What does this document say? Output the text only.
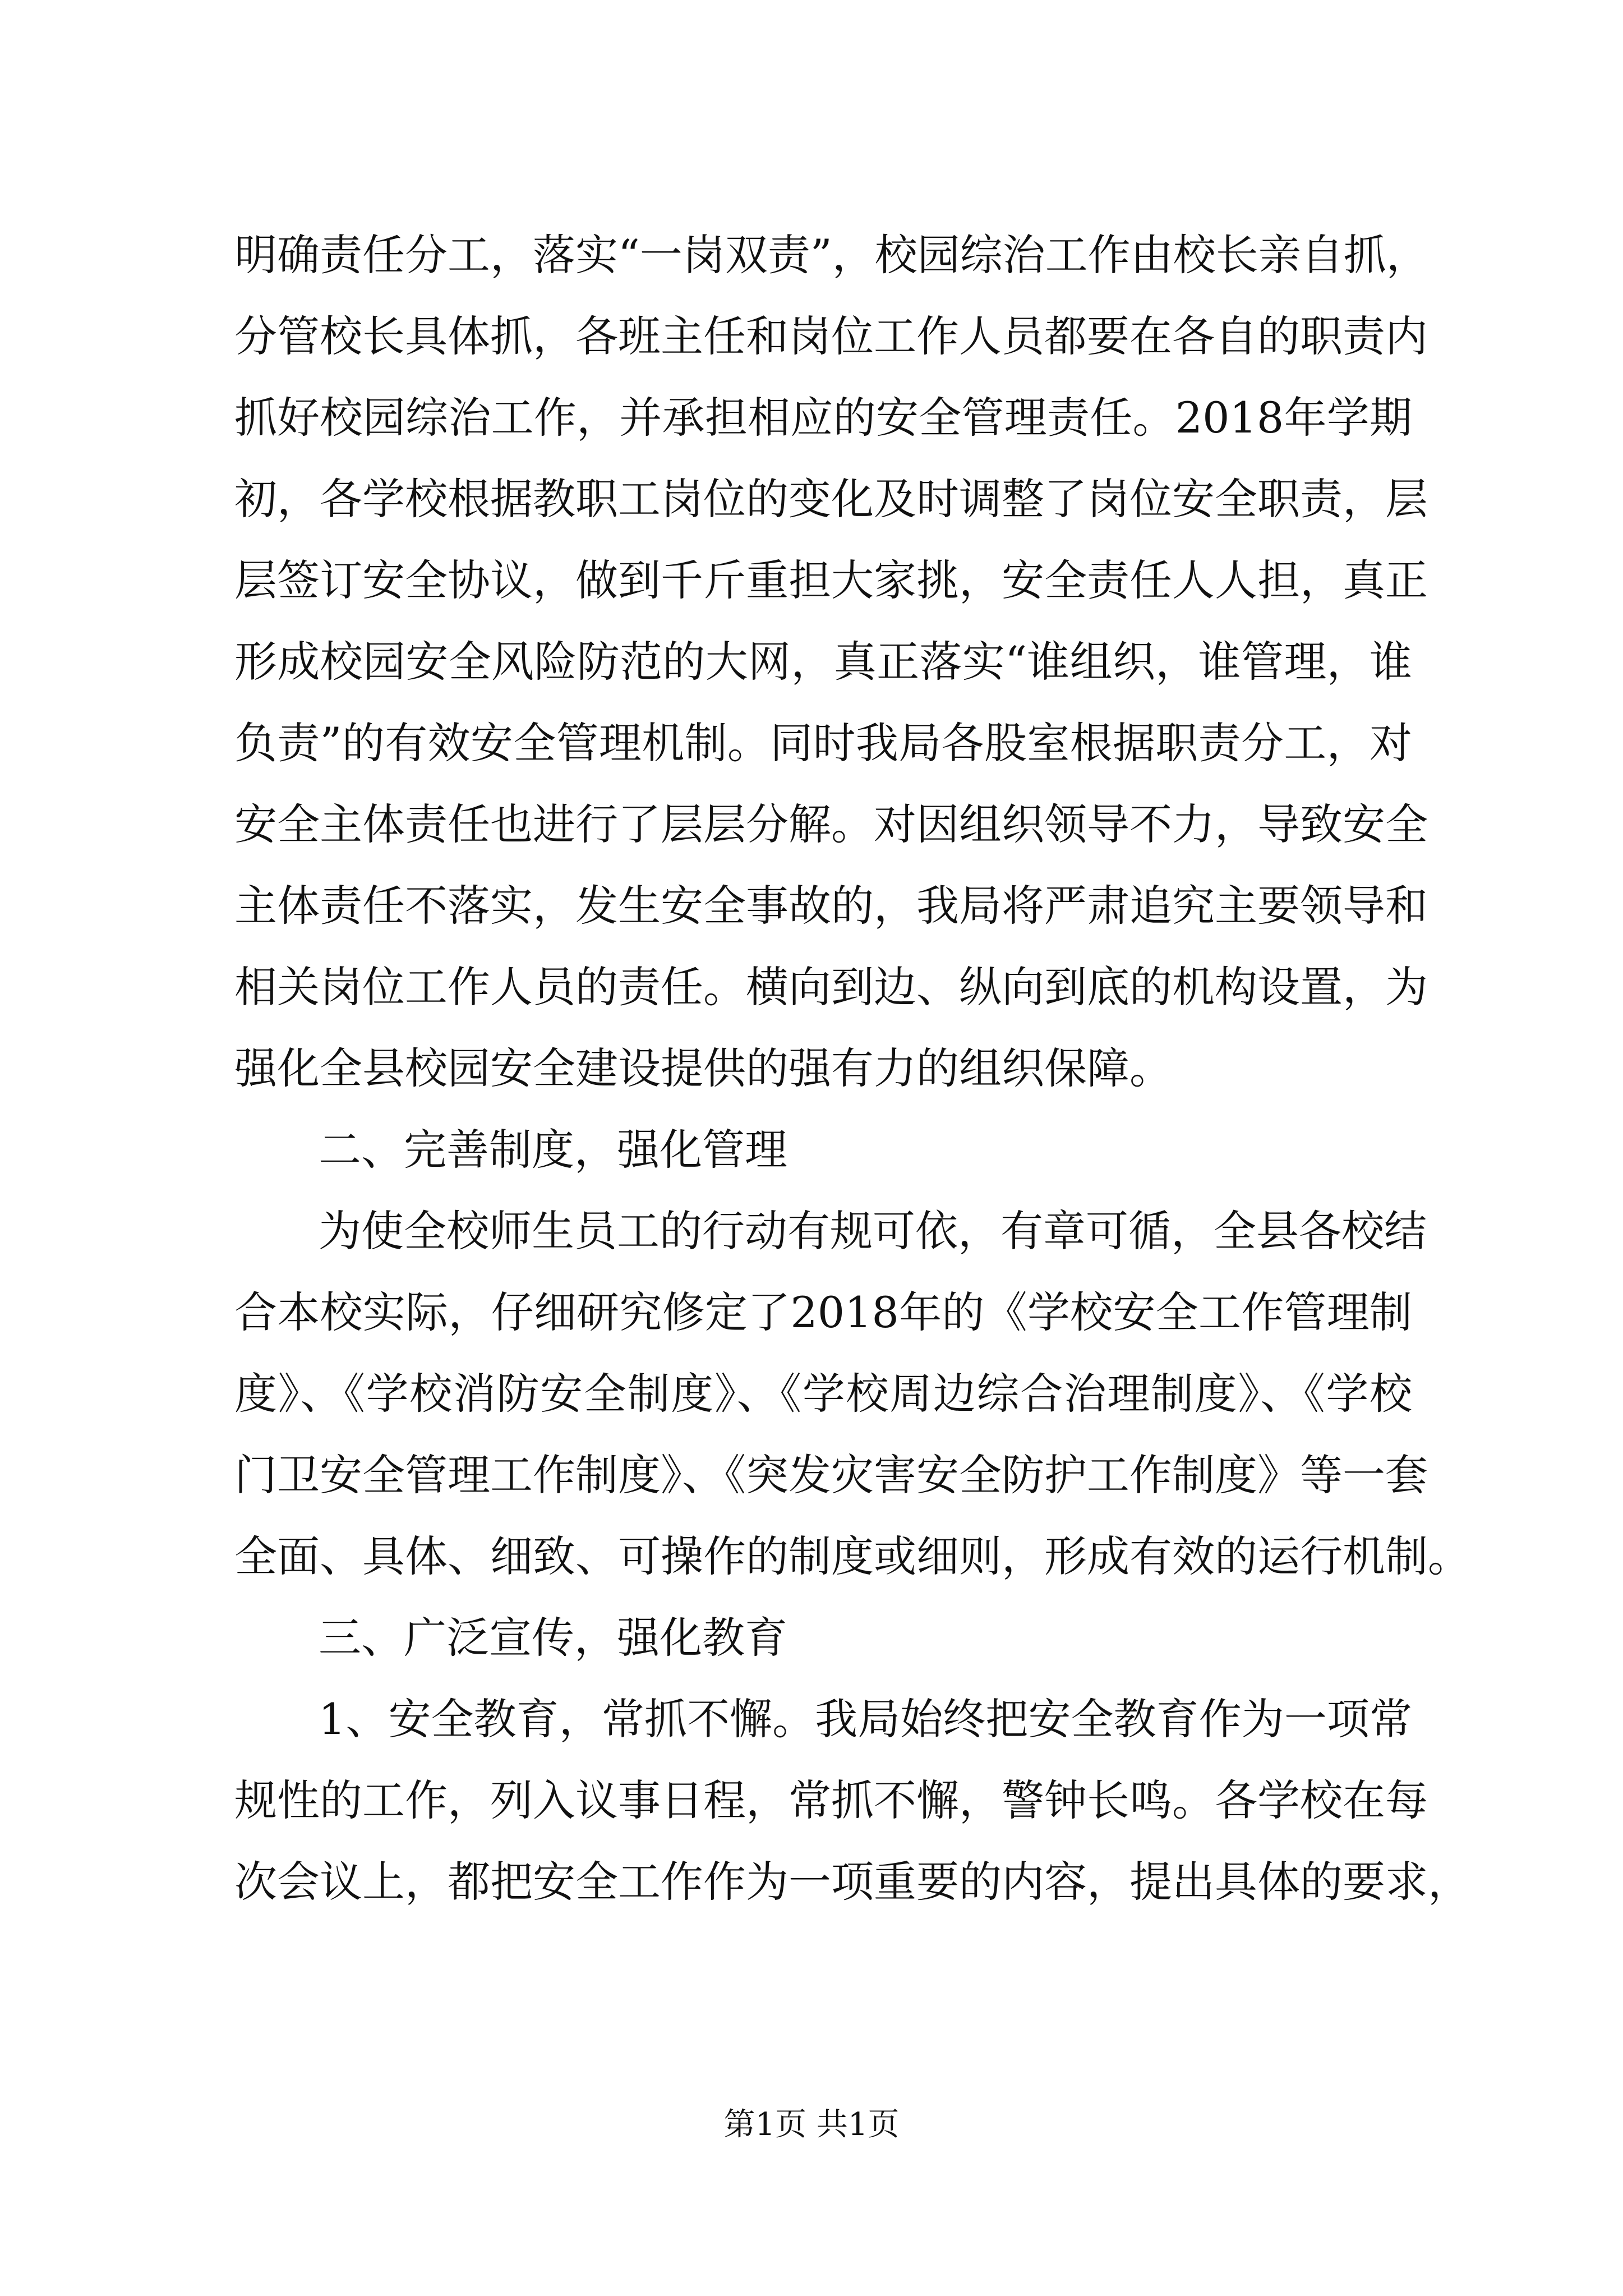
明确责任分工，落实“一岗双责”，校园综治工作由校长亲自抓，
分管校长具体抓，各班主任和岗位工作人员都要在各自的职责内
抓好校园综治工作，并承担相应的安全管理责任。2018年学期
初，各学校根据教职工岗位的变化及时调整了岗位安全职责，层
层签订安全协议，做到千斤重担大家挑，安全责任人人担，真正
形成校园安全风险防范的大网，真正落实“谁组织，谁管理，谁
负责”的有效安全管理机制。同时我局各股室根据职责分工，对
安全主体责任也进行了层层分解。对因组织领导不力，导致安全
主体责任不落实，发生安全事故的，我局将严肃追究主要领导和
相关岗位工作人员的责任。横向到边、纵向到底的机构设置，为
强化全县校园安全建设提供的强有力的组织保障。
二、完善制度，强化管理
为使全校师生员工的行动有规可依，有章可循，全县各校结
合本校实际，仔细研究修定了2018年的《学校安全工作管理制
度》、《学校消防安全制度》、《学校周边综合治理制度》、《学校
门卫安全管理工作制度》、《突发灾害安全防护工作制度》等一套
全面、具体、细致、可操作的制度或细则，形成有效的运行机制。
三、广泛宣传，强化教育
1、安全教育，常抓不懈。我局始终把安全教育作为一项常
规性的工作，列入议事日程，常抓不懈，警钟长鸣。各学校在每
次会议上，都把安全工作作为一项重要的内容，提出具体的要求，
第1页 共1页
